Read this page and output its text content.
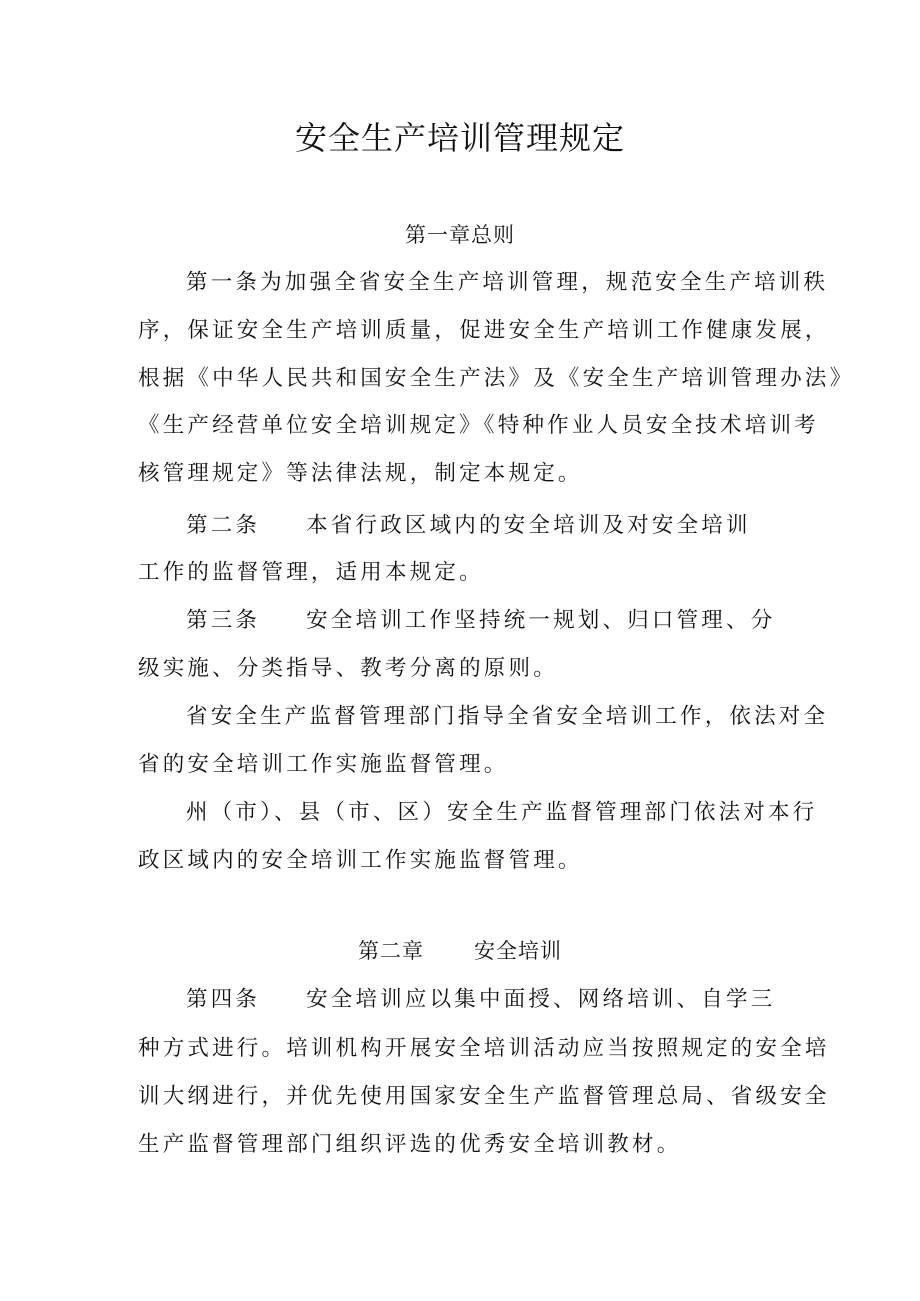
安全生产培训管理规定
第一章总则
第一条为加强全省安全生产培训管理，规范安全生产培训秩
序，保证安全生产培训质量，促进安全生产培训工作健康发展，
根据《中华人民共和国安全生产法》及《安全生产培训管理办法》
《生产经营单位安全培训规定》《特种作业人员安全技术培训考
核管理规定》等法律法规，制定本规定。
第二条 本省行政区域内的安全培训及对安全培训
工作的监督管理，适用本规定。
第三条 安全培训工作坚持统一规划、归口管理、分
级实施、分类指导、教考分离的原则。
省安全生产监督管理部门指导全省安全培训工作，依法对全
省的安全培训工作实施监督管理。
州（市）、县（市、区）安全生产监督管理部门依法对本行
政区域内的安全培训工作实施监督管理。
第二章 安全培训
第四条 安全培训应以集中面授、网络培训、自学三
种方式进行。培训机构开展安全培训活动应当按照规定的安全培
训大纲进行，并优先使用国家安全生产监督管理总局、省级安全
生产监督管理部门组织评选的优秀安全培训教材。
